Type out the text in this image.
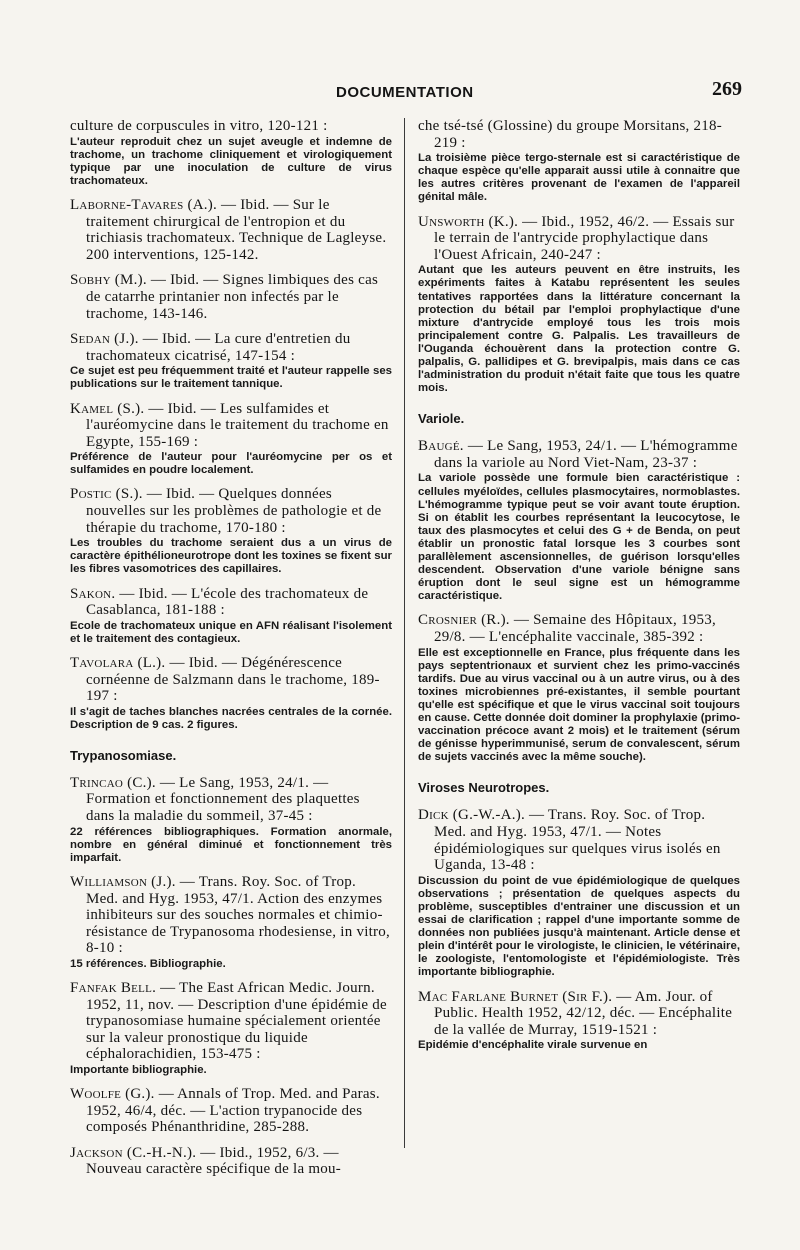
DOCUMENTATION	269

culture de corpuscules in vitro, 120-121 :

L'auteur reproduit chez un sujet aveugle et indemne de trachome, un trachome cliniquement et virologiquement typique par une inoculation de culture de virus trachomateux.

Laborne-Tavares (A.). — Ibid. — Sur le traitement chirurgical de l'entropion et du trichiasis trachomateux. Technique de Lagleyse. 200 interventions, 125-142.

Sobhy (M.). — Ibid. — Signes limbiques des cas de catarrhe printanier non infectés par le trachome, 143-146.

Sedan (J.). — Ibid. — La cure d'entretien du trachomateux cicatrisé, 147-154 :

Ce sujet est peu fréquemment traité et l'auteur rappelle ses publications sur le traitement tannique.

Kamel (S.). — Ibid. — Les sulfamides et l'auréomycine dans le traitement du trachome en Egypte, 155-169 :

Préférence de l'auteur pour l'auréomycine per os et sulfamides en poudre localement.

Postic (S.). — Ibid. — Quelques données nouvelles sur les problèmes de pathologie et de thérapie du trachome, 170-180 :

Les troubles du trachome seraient dus a un virus de caractère épithélioneurotrope dont les toxines se fixent sur les fibres vasomotrices des capillaires.

Sakon. — Ibid. — L'école des trachomateux de Casablanca, 181-188 :

Ecole de trachomateux unique en AFN réalisant l'isolement et le traitement des contagieux.

Tavolara (L.). — Ibid. — Dégénérescence cornéenne de Salzmann dans le trachome, 189-197 :

Il s'agit de taches blanches nacrées centrales de la cornée. Description de 9 cas. 2 figures.

Trypanosomiase.

Trincao (C.). — Le Sang, 1953, 24/1. — Formation et fonctionnement des plaquettes dans la maladie du sommeil, 37-45 :

22 références bibliographiques. Formation anormale, nombre en général diminué et fonctionnement très imparfait.

Williamson (J.). — Trans. Roy. Soc. of Trop. Med. and Hyg. 1953, 47/1. Action des enzymes inhibiteurs sur des souches normales et chimio-résistance de Trypanosoma rhodesiense, in vitro, 8-10 :

15 références. Bibliographie.

Fanfak Bell. — The East African Medic. Journ. 1952, 11, nov. — Description d'une épidémie de trypanosomiase humaine spécialement orientée sur la valeur pronostique du liquide céphalorachidien, 153-475 :

Importante bibliographie.

Woolfe (G.). — Annals of Trop. Med. and Paras. 1952, 46/4, déc. — L'action trypanocide des composés Phénanthridine, 285-288.

Jackson (C.-H.-N.). — Ibid., 1952, 6/3. — Nouveau caractère spécifique de la mou-

che tsé-tsé (Glossine) du groupe Morsitans, 218-219 :

La troisième pièce tergo-sternale est si caractéristique de chaque espèce qu'elle apparait aussi utile à connaitre que les autres critères provenant de l'examen de l'appareil génital mâle.

Unsworth (K.). — Ibid., 1952, 46/2. — Essais sur le terrain de l'antrycide prophylactique dans l'Ouest Africain, 240-247 :

Autant que les auteurs peuvent en être instruits, les expériments faites à Katabu représentent les seules tentatives rapportées dans la littérature concernant la protection du bétail par l'emploi prophylactique d'une mixture d'antrycide employé tous les trois mois principalement contre G. Palpalis. Les travailleurs de l'Ouganda échouèrent dans la protection contre G. palpalis, G. pallidipes et G. brevipalpis, mais dans ce cas l'administration du produit n'était faite que tous les quatre mois.

Variole.

Baugé. — Le Sang, 1953, 24/1. — L'hémogramme dans la variole au Nord Viet-Nam, 23-37 :

La variole possède une formule bien caractéristique : cellules myéloïdes, cellules plasmocytaires, normoblastes. L'hémogramme typique peut se voir avant toute éruption. Si on établit les courbes représentant la leucocytose, le taux des plasmocytes et celui des G + de Benda, on peut établir un pronostic fatal lorsque les 3 courbes sont parallèlement ascensionnelles, de guérison lorsqu'elles descendent. Observation d'une variole bénigne sans éruption dont le seul signe est un hémogramme caractéristique.

Crosnier (R.). — Semaine des Hôpitaux, 1953, 29/8. — L'encéphalite vaccinale, 385-392 :

Elle est exceptionnelle en France, plus fréquente dans les pays septentrionaux et survient chez les primo-vaccinés tardifs. Due au virus vaccinal ou à un autre virus, ou à des toxines microbiennes pré-existantes, il semble pourtant qu'elle est spécifique et que le virus vaccinal soit toujours en cause. Cette donnée doit dominer la prophylaxie (primo-vaccination précoce avant 2 mois) et le traitement (sérum de génisse hyperimmunisé, serum de convalescent, sérum de sujets vaccinés avec la même souche).

Viroses Neurotropes.

Dick (G.-W.-A.). — Trans. Roy. Soc. of Trop. Med. and Hyg. 1953, 47/1. — Notes épidémiologiques sur quelques virus isolés en Uganda, 13-48 :

Discussion du point de vue épidémiologique de quelques observations ; présentation de quelques aspects du problème, susceptibles d'entrainer une discussion et un essai de clarification ; rappel d'une importante somme de données non publiées jusqu'à maintenant. Article dense et plein d'intérêt pour le virologiste, le clinicien, le vétérinaire, le zoologiste, l'entomologiste et l'épidémiologiste. Très importante bibliographie.

Mac Farlane Burnet (Sir F.). — Am. Jour. of Public. Health 1952, 42/12, déc. — Encéphalite de la vallée de Murray, 1519-1521 :

Epidémie d'encéphalite virale survenue en
